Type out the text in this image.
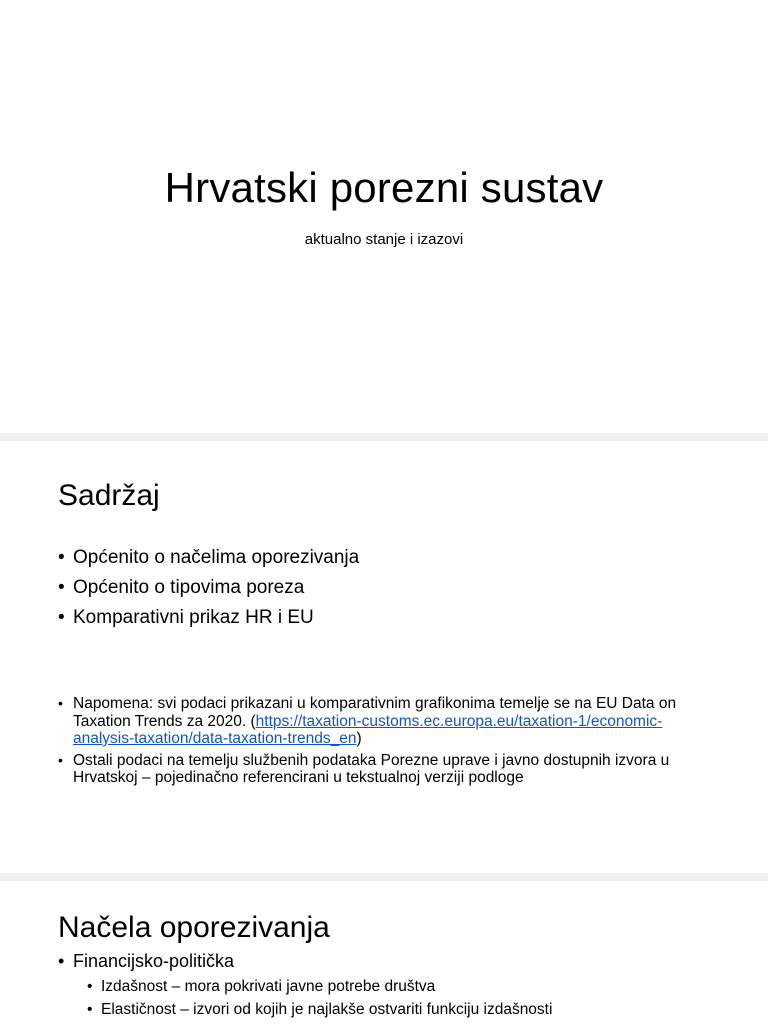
Hrvatski porezni sustav
aktualno stanje i izazovi
Sadržaj
• Općenito o načelima oporezivanja
• Općenito o tipovima poreza
• Komparativni prikaz HR i EU
• Napomena: svi podaci prikazani u komparativnim grafikonima temelje se na EU Data on Taxation Trends za 2020. (https://taxation-customs.ec.europa.eu/taxation-1/economic-analysis-taxation/data-taxation-trends_en)
• Ostali podaci na temelju službenih podataka Porezne uprave i javno dostupnih izvora u Hrvatskoj – pojedinačno referencirani u tekstualnoj verziji podloge
Načela oporezivanja
• Financijsko-politička
• Izdašnost – mora pokrivati javne potrebe društva
• Elastičnost – izvori od kojih je najlakše ostvariti funkciju izdašnosti
